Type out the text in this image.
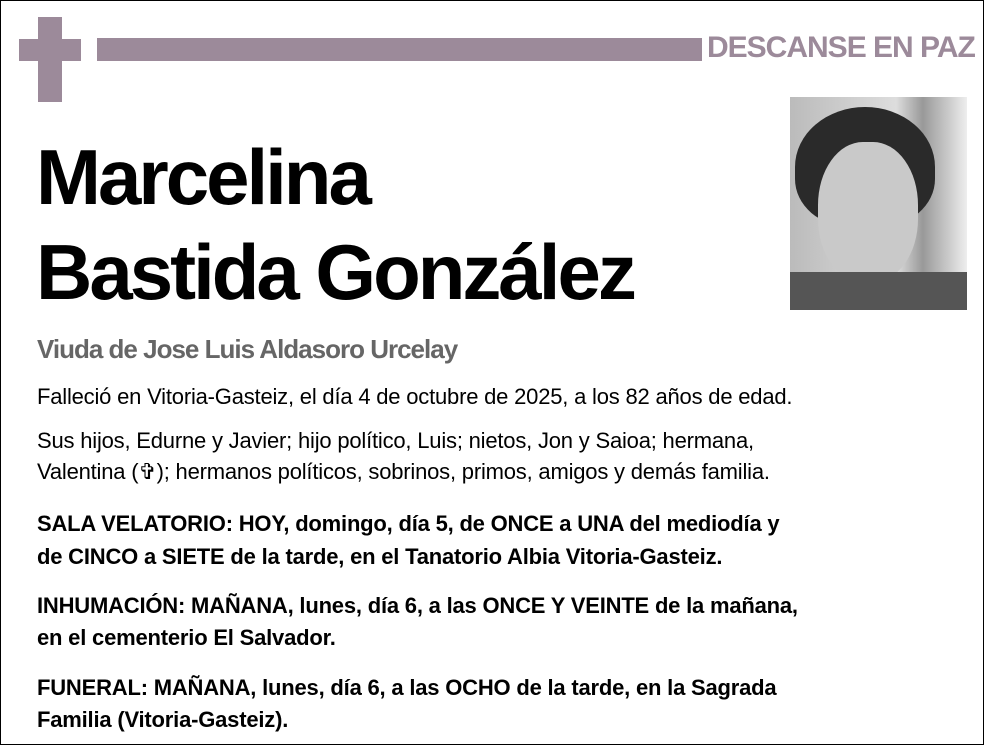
DESCANSE EN PAZ
Marcelina
Bastida González
Viuda de Jose Luis Aldasoro Urcelay
Falleció en Vitoria-Gasteiz, el día 4 de octubre de 2025, a los 82 años de edad.
Sus hijos, Edurne y Javier; hijo político, Luis; nietos, Jon y Saioa; hermana,
Valentina (✞); hermanos políticos, sobrinos, primos, amigos y demás familia.
SALA VELATORIO: HOY, domingo, día 5, de ONCE a UNA del mediodía y
de CINCO a SIETE de la tarde, en el Tanatorio Albia Vitoria-Gasteiz.
INHUMACIÓN: MAÑANA, lunes, día 6, a las ONCE Y VEINTE de la mañana,
en el cementerio El Salvador.
FUNERAL: MAÑANA, lunes, día 6, a las OCHO de la tarde, en la Sagrada
Familia (Vitoria-Gasteiz).
